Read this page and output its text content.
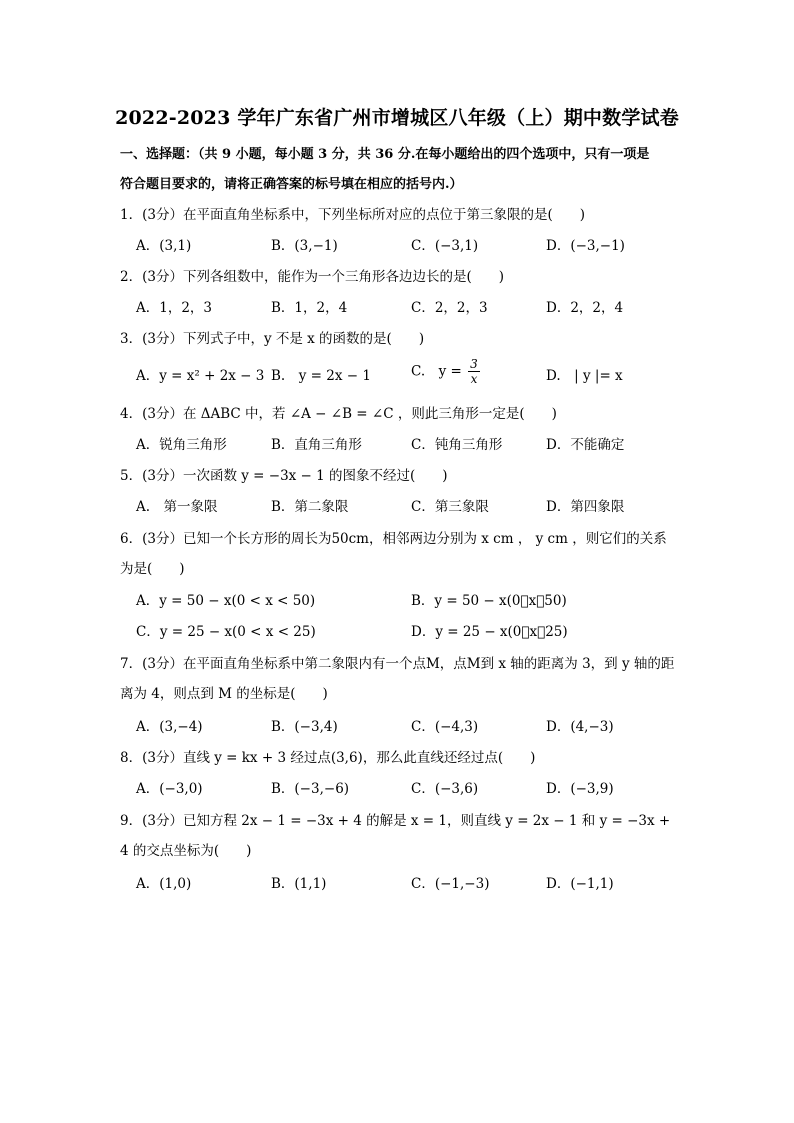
2022-2023 学年广东省广州市增城区八年级（上）期中数学试卷
一、选择题：（共 9 小题，每小题 3 分，共 36 分.在每小题给出的四个选项中，只有一项是
符合题目要求的，请将正确答案的标号填在相应的括号内.）
1．(3分）在平面直角坐标系中，下列坐标所对应的点位于第三象限的是(　　)
A．(3,1)	B．(3,−1)	C．(−3,1)	D．(−3,−1)
2．(3分）下列各组数中，能作为一个三角形各边边长的是(　　)
A．1，2，3	B．1，2，4	C．2，2，3	D．2，2，4
3．(3分）下列式子中，y 不是 x 的函数的是(　　)
A．y = x² + 2x − 3 B.　y = 2x − 1	C.　$y = \frac{3}{x}$	D.　| y |= x
4．(3分）在 ΔABC 中，若 ∠A − ∠B = ∠C ，则此三角形一定是(　　)
A．锐角三角形	B．直角三角形	C．钝角三角形	D．不能确定
5．(3分）一次函数 y = −3x − 1 的图象不经过(　　)
A.　第一象限	B．第二象限	C．第三象限	D．第四象限
6．(3分）已知一个长方形的周长为50cm，相邻两边分别为 x cm ， y cm ，则它们的关系为是(　　)
A．y = 50 − x(0 < x < 50)	B．y = 50 − x(0􀀀x􀀀50)
C．y = 25 − x(0 < x < 25)	D．y = 25 − x(0􀀀x􀀀25)
7．(3分）在平面直角坐标系中第二象限内有一个点M，点M到 x 轴的距离为 3，到 y 轴的距离为 4，则点到 M 的坐标是(　　)
A．(3,−4)	B．(−3,4)	C．(−4,3)	D．(4,−3)
8．(3分）直线 y = kx + 3 经过点(3,6)，那么此直线还经过点(　　)
A．(−3,0)	B．(−3,−6)	C．(−3,6)	D．(−3,9)
9．(3分）已知方程 2x − 1 = −3x + 4 的解是 x = 1，则直线 y = 2x − 1 和 y = −3x + 4 的交点坐标为(　　)
A．(1,0)	B．(1,1)	C．(−1,−3)	D．(−1,1)
